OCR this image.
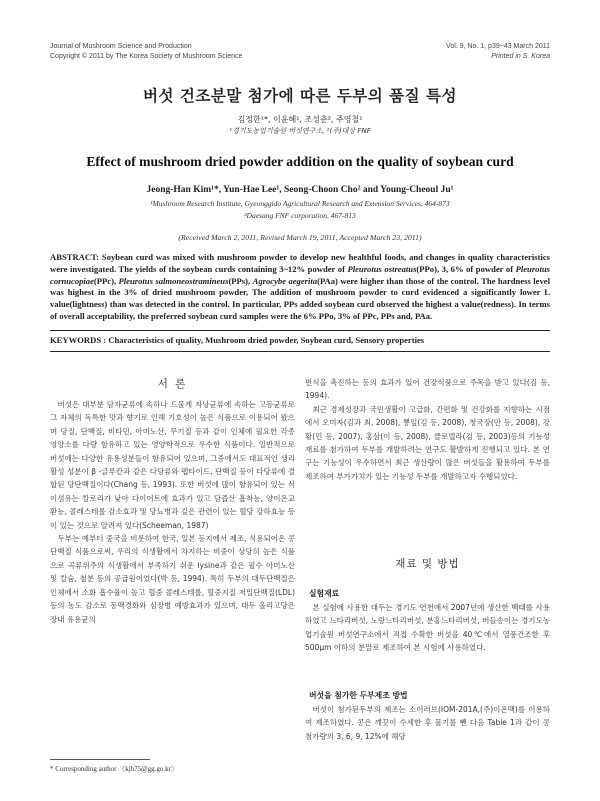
Journal of Mushroom Science and Production
Copyright © 2011 by The Korea Society of Mushroom Science
Vol. 9, No. 1, p39~43 March 2011
Printed in S. Korea
버섯 건조분말 첨가에 따른 두부의 품질 특성
김정한¹*, 이윤혜¹, 조성춘², 주영철¹
¹경기도농업기술원 버섯연구소, ²(주)대상 FNF
Effect of mushroom dried powder addition on the quality of soybean curd
Jeong-Han Kim¹*, Yun-Hae Lee¹, Seong-Choon Cho² and Young-Cheoul Ju¹
¹Mushroom Research Institute, Gyeonggido Agricultural Research and Extension Services, 464-873
²Daesang FNF corporation, 467-813
(Received March 2, 2011, Revised March 19, 2011, Accepted March 23, 2011)
ABSTRACT: Soybean curd was mixed with mushroom powder to develop new healthful foods, and changes in quality characteristics were investigated. The yields of the soybean curds containing 3~12% powder of Pleurotus ostreatus(PPo), 3, 6% of powder of Pleurotus cornucopiae(PPc), Pleurotus salmoneostramineus(PPs), Agrocybe aegerita(PAa) were higher than those of the control. The hardness level was highest in the 3% of dried mushroom powder, The addition of mushroom powder to curd evidenced a significantly lower L value(lightness) than was detected in the control. In particular, PPs added soybean curd observed the highest a value(redness). In terms of overall acceptability, the preferred soybean curd samples were the 6% PPo, 3% of PPc, PPs and, PAa.
KEYWORDS : Characteristics of quality, Mushroom dried powder, Soybean curd, Sensory properties
서 론

버섯은 대부분 담자균류에 속하나 드물게 자낭균류에 속하는 고등균류로 그 자체의 독특한 맛과 향기로 인해 기호성이 높은 식품으로 이용되어 왔으며 당질, 단백질, 비타민, 아미노산, 무기질 등과 같이 인체에 필요한 각종 영양소를 다량 함유하고 있는 영양학적으로 우수한 식품이다. 일반적으로 버섯에는 다양한 유용성분들이 함유되어 있으며, 그중에서도 대표적인 생리활성 성분이 β -글루칸과 같은 다당류와 펩타이드, 단백질 등이 다당류에 결합된 당단백질이다(Chang 등, 1993). 또한 버섯에 많이 함유되어 있는 식이섬유는 칼로리가 낮아 다이어트에 효과가 있고 담즙산 흡착능, 양이온교환능, 콜레스테롤 감소효과 및 당뇨병과 깊은 관련이 있는 혈당 강하효능 등이 있는 것으로 알려져 있다(Scheeman, 1987)

두부는 예부터 중국을 비롯하여 한국, 일본 등지에서 제조, 식용되어온 콩 단백질 식품으로써, 우리의 식생활에서 차지하는 비중이 상당히 높은 식품으로 곡류위주의 식생활에서 부족하기 쉬운 lysine과 같은 필수 아미노산 및 칼슘, 철분 등의 공급원이었다(박 등, 1994). 특히 두부의 대두단백질은 인체에서 소화 흡수율이 높고 혈중 콜레스테롤, 혈중지질 저밀단백질(LDL) 등의 농도 감소로 동맥경화와 심장병 예방효과가 있으며, 대두 올리고당은 장내 유용균의

번식을 촉진하는 등의 효과가 있어 건강식품으로 주목을 받고 있다(김 등, 1994).

최근 경제성장과 국민생활이 고급화, 간편화 및 건강화를 지향하는 시점에서 오미자(김과 최, 2008), 뽕잎(김 등, 2008), 청국장(안 등, 2008), 강황(민 등, 2007), 홍삼(이 등, 2008), 클로렐라(김 등, 2003)등의 기능성 재료를 첨가하여 두부를 개발하려는 연구도 활발하게 진행되고 있다. 본 연구는 기능성이 우수하면서 최근 생산량이 많은 버섯들을 활용하여 두부를 제조하여 부가가치가 있는 기능성 두부를 개발하고자 수행되었다.

재료 및 방법
실험재료

본 실험에 사용한 대두는 경기도 연천에서 2007년에 생산한 백태를 사용하였고 느타리버섯, 노랑느타리버섯, 분홍느타리버섯, 버들송이는 경기도농업기술원 버섯연구소에서 직접 수확한 버섯을 40℃에서 열풍건조한 후 500μm 이하의 분말로 제조하여 본 시험에 사용하였다.

버섯을 첨가한 두부제조 방법

버섯이 첨가된두부의 제조는 소이러브(IOM-201A,(주)이온맥)를 이용하여 제조하였다. 콩은 깨끗이 수세한 후 물기를 뺀 다음 Table 1과 같이 콩 첨가량의 3, 6, 9, 12%에 해당

* Corresponding author 〈kjh75@gg.go.kr〉
